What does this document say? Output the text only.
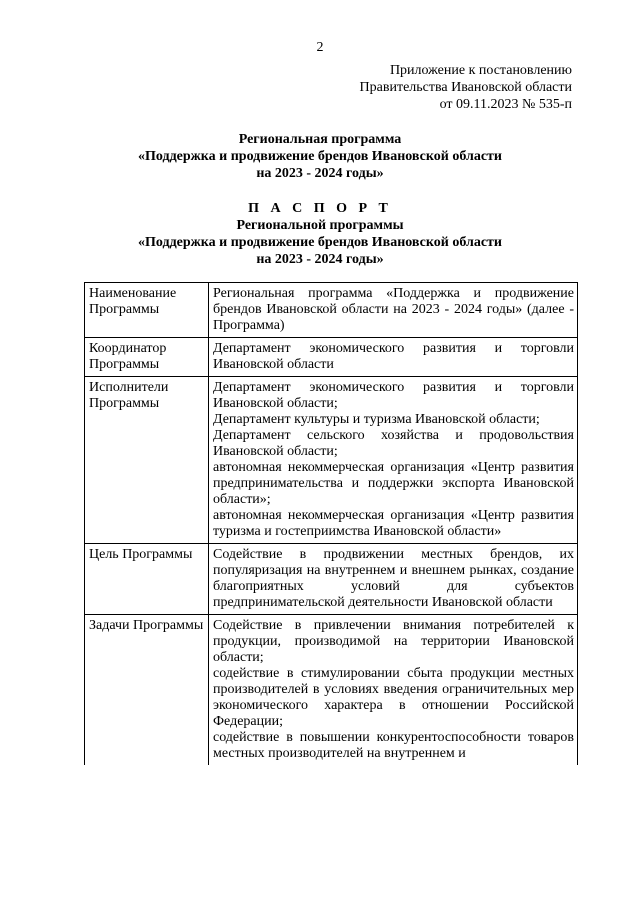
2
Приложение к постановлению
Правительства Ивановской области
от 09.11.2023 № 535-п
Региональная программа
«Поддержка и продвижение брендов Ивановской области
на 2023 - 2024 годы»
П А С П О Р Т
Региональной программы
«Поддержка и продвижение брендов Ивановской области
на 2023 - 2024 годы»
Наименование Программы	Региональная программа «Поддержка и продвижение брендов Ивановской области на 2023 - 2024 годы» (далее - Программа)

Координатор Программы	Департамент экономического развития и торговли Ивановской области

Исполнители Программы	Департамент экономического развития и торговли Ивановской области;
Департамент культуры и туризма Ивановской области;
Департамент сельского хозяйства и продовольствия Ивановской области;
автономная некоммерческая организация «Центр развития предпринимательства и поддержки экспорта Ивановской области»;
автономная некоммерческая организация «Центр развития туризма и гостеприимства Ивановской области»

Цель Программы	Содействие в продвижении местных брендов, их популяризация на внутреннем и внешнем рынках, создание благоприятных условий для субъектов предпринимательской деятельности Ивановской области

Задачи Программы	Содействие в привлечении внимания потребителей к продукции, производимой на территории Ивановской области;
содействие в стимулировании сбыта продукции местных производителей в условиях введения ограничительных мер экономического характера в отношении Российской Федерации;
содействие в повышении конкурентоспособности товаров местных производителей на внутреннем и
